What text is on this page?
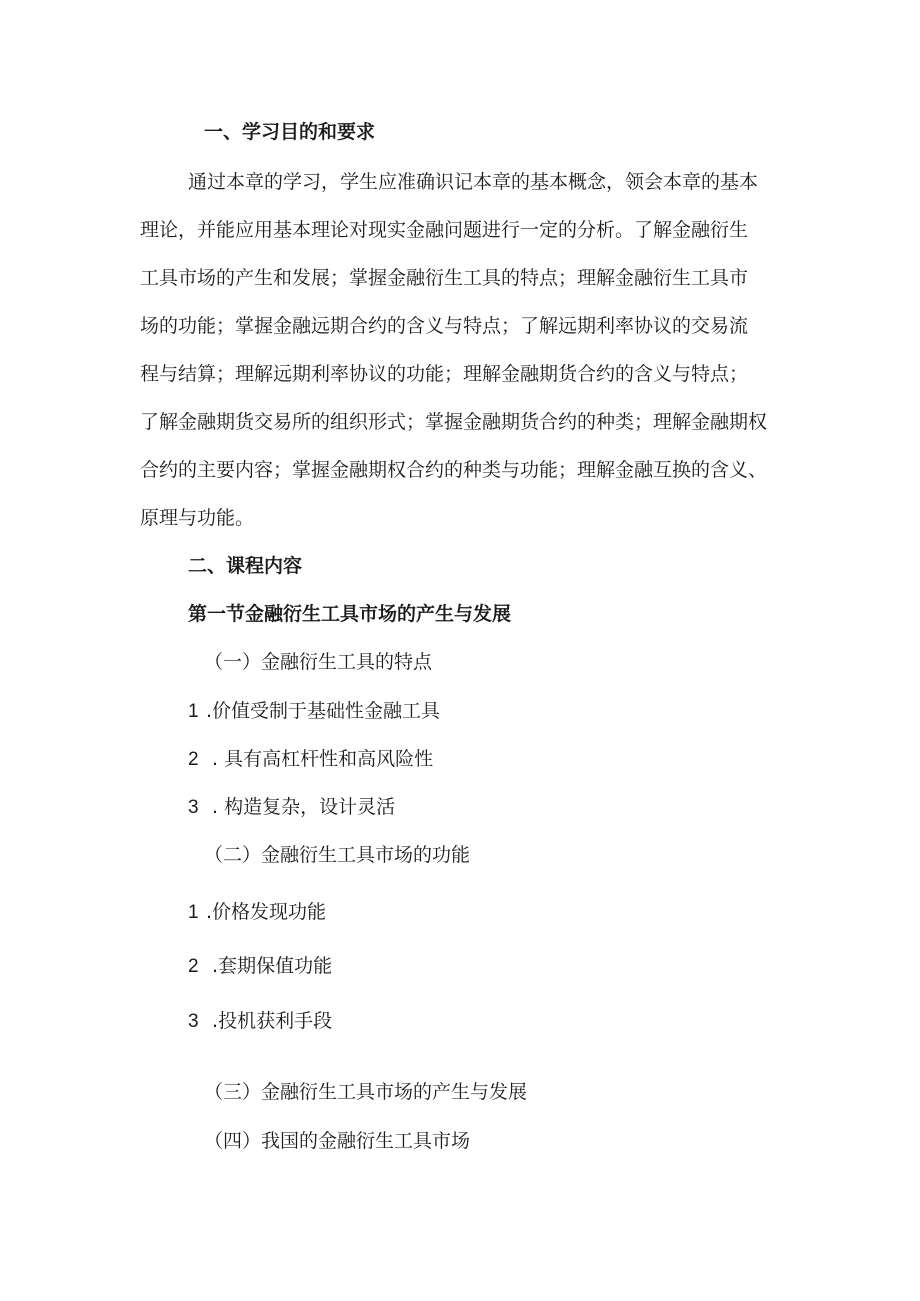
一、学习目的和要求
通过本章的学习，学生应准确识记本章的基本概念，领会本章的基本
理论，并能应用基本理论对现实金融问题进行一定的分析。了解金融衍生
工具市场的产生和发展；掌握金融衍生工具的特点；理解金融衍生工具市
场的功能；掌握金融远期合约的含义与特点；了解远期利率协议的交易流
程与结算；理解远期利率协议的功能；理解金融期货合约的含义与特点；
了解金融期货交易所的组织形式；掌握金融期货合约的种类；理解金融期权
合约的主要内容；掌握金融期权合约的种类与功能；理解金融互换的含义、
原理与功能。
二、课程内容
第一节金融衍生工具市场的产生与发展
（一）金融衍生工具的特点
1 .价值受制于基础性金融工具
2 . 具有高杠杆性和高风险性
3 . 构造复杂，设计灵活
（二）金融衍生工具市场的功能
1 .价格发现功能
2 .套期保值功能
3 .投机获利手段
（三）金融衍生工具市场的产生与发展
（四）我国的金融衍生工具市场
